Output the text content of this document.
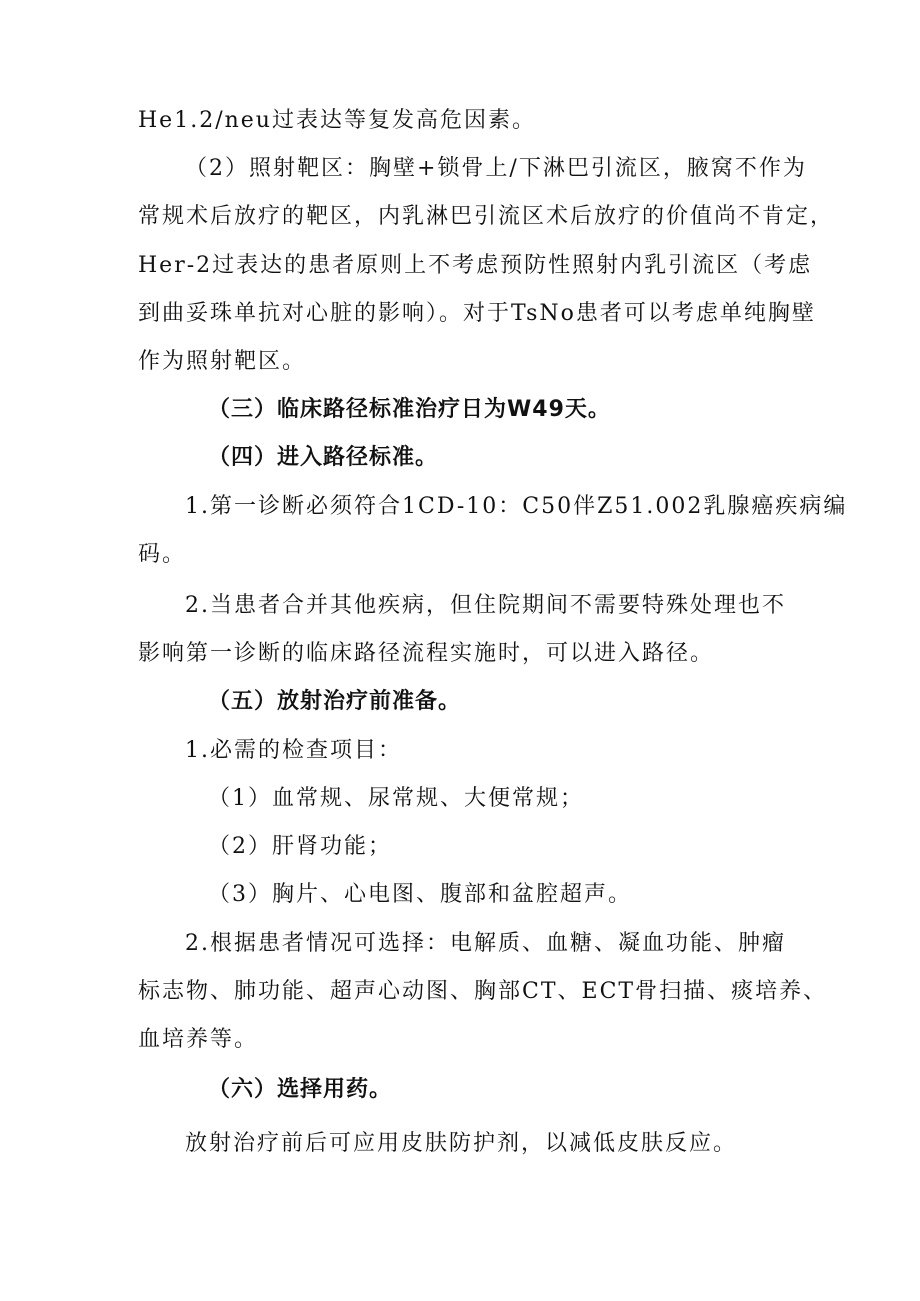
He1.2/neu过表达等复发高危因素。
（2）照射靶区：胸壁+锁骨上/下淋巴引流区，腋窝不作为
常规术后放疗的靶区，内乳淋巴引流区术后放疗的价值尚不肯定，
Her-2过表达的患者原则上不考虑预防性照射内乳引流区（考虑
到曲妥珠单抗对心脏的影响）。对于TsNo患者可以考虑单纯胸壁
作为照射靶区。
（三）临床路径标准治疗日为W49天。
（四）进入路径标准。
1.第一诊断必须符合1CD-10：C50伴Z51.002乳腺癌疾病编
码。
2.当患者合并其他疾病，但住院期间不需要特殊处理也不
影响第一诊断的临床路径流程实施时，可以进入路径。
（五）放射治疗前准备。
1.必需的检查项目：
（1）血常规、尿常规、大便常规；
（2）肝肾功能；
（3）胸片、心电图、腹部和盆腔超声。
2.根据患者情况可选择：电解质、血糖、凝血功能、肿瘤
标志物、肺功能、超声心动图、胸部CT、ECT骨扫描、痰培养、
血培养等。
（六）选择用药。
放射治疗前后可应用皮肤防护剂，以减低皮肤反应。
